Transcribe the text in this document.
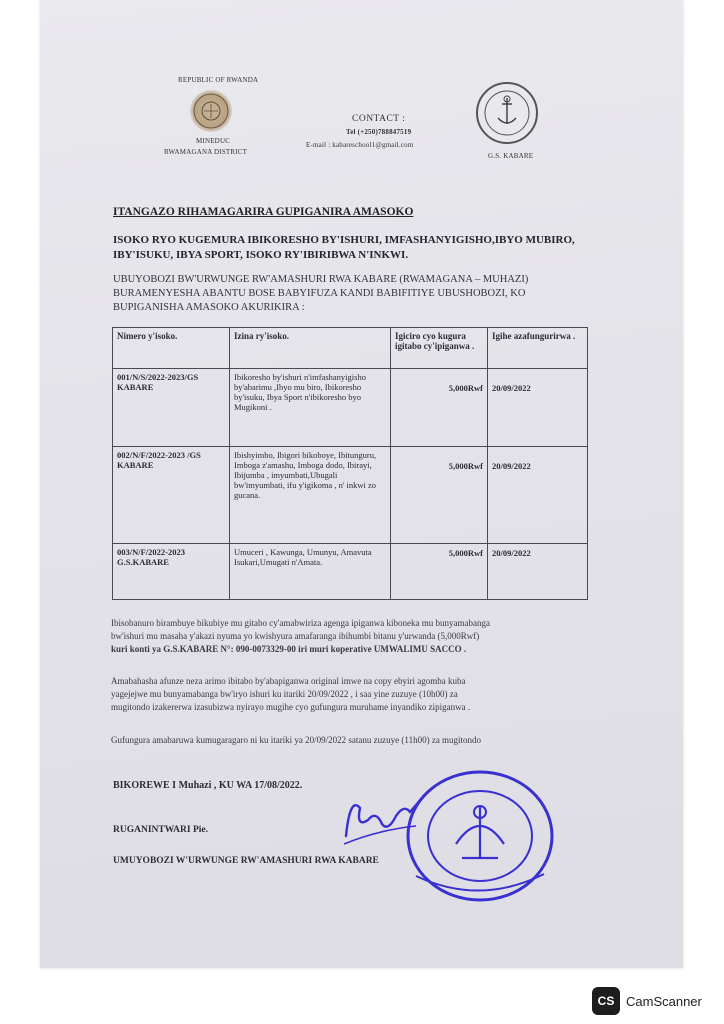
REPUBLIC OF RWANDA
MINEDUC
RWAMAGANA DISTRICT
CONTACT :
Tel (+250)788847519
E-mail : kabareschool1@gmail.com
G.S. KABARE
ITANGAZO RIHAMAGARIRA GUPIGANIRA AMASOKO
ISOKO RYO KUGEMURA IBIKORESHO BY'ISHURI, IMFASHANYIGISHO,IBYO MUBIRO,
IBY'ISUKU, IBYA SPORT, ISOKO RY'IBIRIBWA N'INKWI.
UBUYOBOZI BW'URWUNGE RW'AMASHURI RWA KABARE (RWAMAGANA – MUHAZI)
BURAMENYESHA ABANTU BOSE BABYIFUZA KANDI BABIFITIYE UBUSHOBOZI, KO
BUPIGANISHA AMASOKO AKURIKIRA :
Nimero y'isoko.	Izina ry'isoko.	Igiciro cyo kugura igitabo cy'ipiganwa .	Igihe azafungurirwa .
001/N/S/2022-2023/GS KABARE	Ibikoresho by'ishuri n'imfashanyigisho by'abarimu ,Ibyo mu biro, Ibikoresho by'isuku, Ibya Sport n'ibikoresho byo Mugikoni .	5,000Rwf	20/09/2022
002/N/F/2022-2023 /GS KABARE	Ibishyimbo, Ibigori bikoboye, Ibitunguru, Imboga z'amashu, Imboga dodo, Ibirayi, Ibijumba , imyumbati,Ubugali bw'imyumbati, ifu y'igikoma , n' inkwi zo gucana.	5,000Rwf	20/09/2022
003/N/F/2022-2023 G.S.KABARE	Umuceri , Kawunga, Umunyu, Amavuta Isukari,Umugati n'Amata.	5,000Rwf	20/09/2022
Ibisobanuro birambuye bikubiye mu gitabo cy'amabwiriza agenga ipiganwa kiboneka mu bunyamabanga
bw'ishuri mu masaha y'akazi nyuma yo kwishyura amafaranga ibihumbi bitanu y'urwanda (5,000Rwf)
kuri konti ya G.S.KABARE N°: 090-0073329-00 iri muri koperative UMWALIMU SACCO .
Amabahasha afunze neza arimo ibitabo by'abapiganwa original imwe na copy ebyiri agomba kuba
yagejejwe mu bunyamabanga bw'iryo ishuri ku itariki 20/09/2022 , i saa yine zuzuye (10h00) za
mugitondo izakererwa izasubizwa nyirayo mugihe cyo gufungura muruhame inyandiko zipiganwa .
Gufungura amabaruwa kumugaragaro ni ku itariki ya 20/09/2022 satanu zuzuye (11h00) za mugitondo
BIKOREWE I Muhazi , KU WA 17/08/2022.
RUGANINTWARI Pie.
UMUYOBOZI W'URWUNGE RW'AMASHURI RWA KABARE
CS CamScanner
